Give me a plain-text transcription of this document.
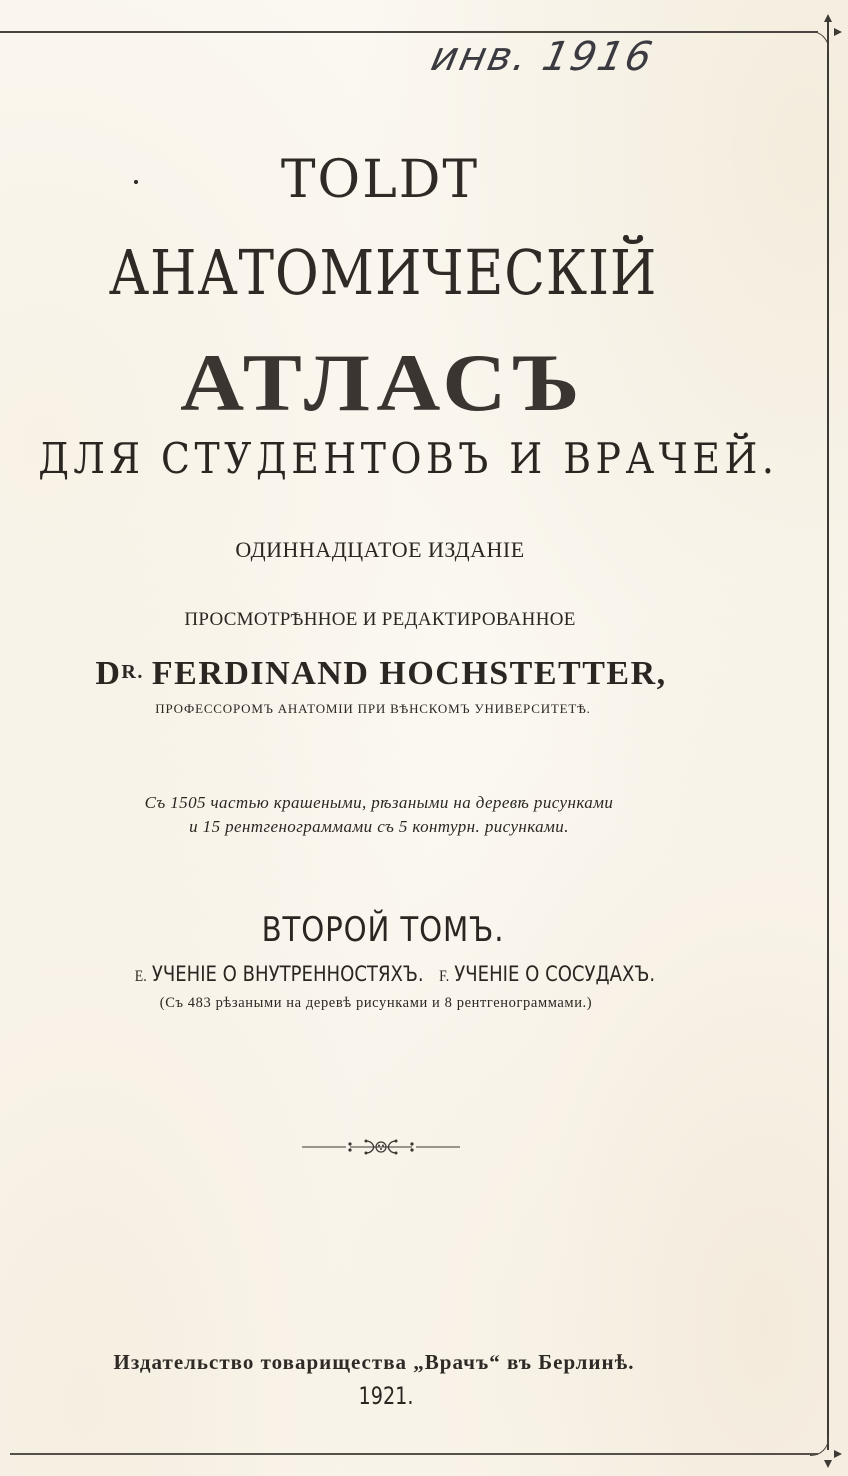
инв. 1916
TOLDT
АНАТОМИЧЕСКІЙ
АТЛАСЪ
ДЛЯ СТУДЕНТОВЪ И ВРАЧЕЙ.
ОДИННАДЦАТОЕ ИЗДАНІЕ
ПРОСМОТРѢННОЕ И РЕДАКТИРОВАННОЕ
DR. FERDINAND HOCHSTETTER,
ПРОФЕССОРОМЪ АНАТОМІИ ПРИ ВѢНСКОМЪ УНИВЕРСИТЕТѢ.
Съ 1505 частью крашеными, рѣзаными на деревѣ рисунками
и 15 рентгенограммами съ 5 контурн. рисунками.
ВТОРОЙ ТОМЪ.
E. УЧЕНІЕ О ВНУТРЕННОСТЯХЪ. F. УЧЕНІЕ О СОСУДАХЪ.
(Съ 483 рѣзаными на деревѣ рисунками и 8 рентгенограммами.)
Издательство товарищества „Врачъ“ въ Берлинѣ.
1921.
